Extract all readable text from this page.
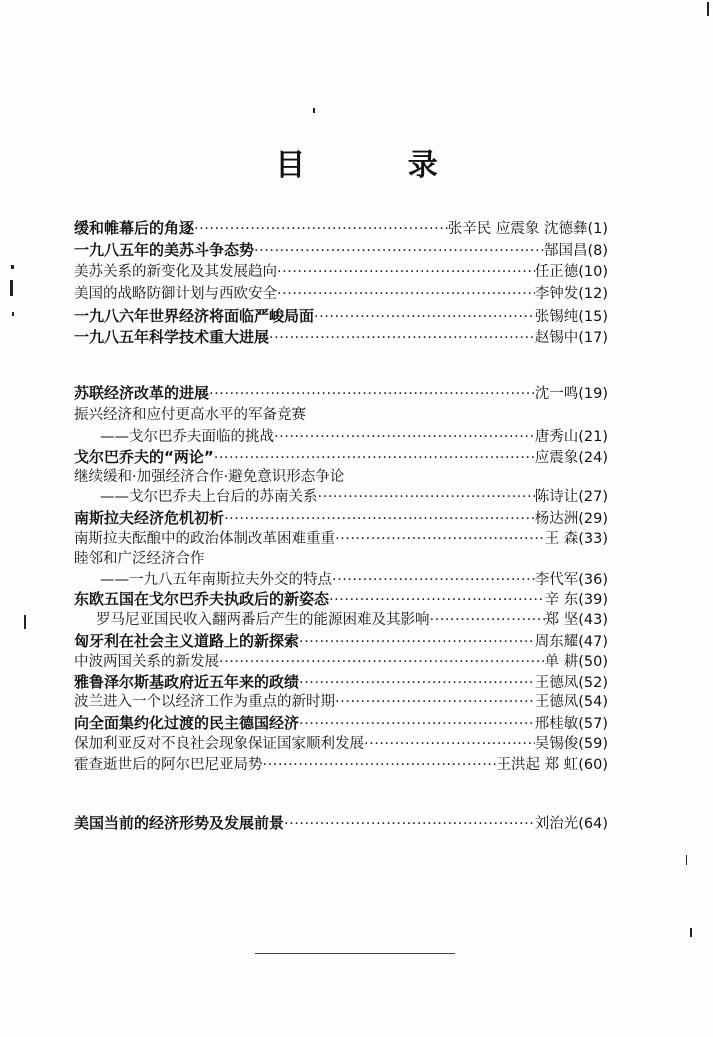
目 录
缓和帷幕后的角逐 ·····	张辛民 应震象 沈德彝 (1)
一九八五年的美苏斗争态势 ·····	郜国昌 (8)
美苏关系的新变化及其发展趋向 ·····	任正德 (10)
美国的战略防御计划与西欧安全 ·····	李钟发 (12)
一九八六年世界经济将面临严峻局面 ·····	张锡纯 (15)
一九八五年科学技术重大进展 ·····	赵锡中 (17)
苏联经济改革的进展 ·····	沈一鸣 (19)
振兴经济和应付更高水平的军备竞赛
——戈尔巴乔夫面临的挑战 ·····	唐秀山 (21)
戈尔巴乔夫的“两论” ·····	应震象 (24)
继续缓和·加强经济合作·避免意识形态争论
——戈尔巴乔夫上台后的苏南关系 ·····	陈诗让 (27)
南斯拉夫经济危机初析 ·····	杨达洲 (29)
南斯拉夫酝酿中的政治体制改革困难重重 ·····	王 森 (33)
睦邻和广泛经济合作
——一九八五年南斯拉夫外交的特点 ·····	李代军 (36)
东欧五国在戈尔巴乔夫执政后的新姿态 ·····	辛 东 (39)
罗马尼亚国民收入翻两番后产生的能源困难及其影响 ·····	郑 坚 (43)
匈牙利在社会主义道路上的新探索 ·····	周东耀 (47)
中波两国关系的新发展 ·····	单 耕 (50)
雅鲁泽尔斯基政府近五年来的政绩 ·····	王德凤 (52)
波兰进入一个以经济工作为重点的新时期 ·····	王德凤 (54)
向全面集约化过渡的民主德国经济 ·····	邢桂敏 (57)
保加利亚反对不良社会现象保证国家顺利发展 ·····	吴锡俊 (59)
霍查逝世后的阿尔巴尼亚局势 ·····	王洪起 郑 虹 (60)
美国当前的经济形势及发展前景 ·····	刘治光 (64)
